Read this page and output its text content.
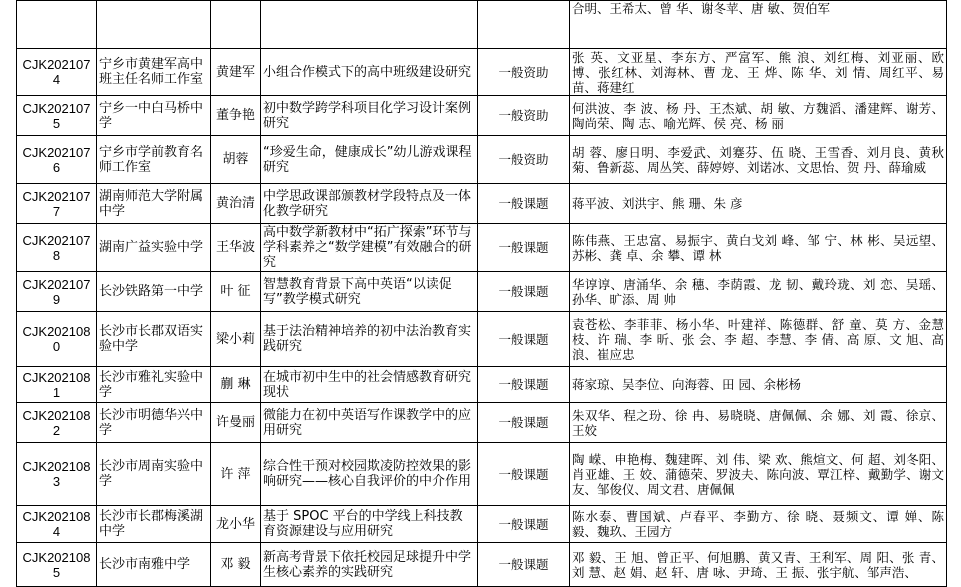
					合明、王希太、曾 华、谢冬苹、唐 敏、贺伯军
CJK2021074	宁乡市黄建军高中班主任名师工作室	黄建军	小组合作模式下的高中班级建设研究	一般资助	张 英、文亚星、李东方、严富军、熊 浪、刘红梅、刘亚丽、欧 博、张红林、刘海林、曹 龙、王 烨、陈 华、刘 情、周红平、易 苗、蒋建红
CJK2021075	宁乡一中白马桥中学	董争艳	初中数学跨学科项目化学习设计案例研究	一般资助	何洪波、李 波、杨 丹、王杰斌、胡 敏、方魏滔、潘建辉、谢芳、陶尚荣、陶 志、喻光辉、侯 亮、杨 丽
CJK2021076	宁乡市学前教育名师工作室	胡蓉	“珍爱生命，健康成长”幼儿游戏课程研究	一般资助	胡 蓉、廖日明、李爱武、刘蹇芬、伍 晓、王雪香、刘月良、黄秋菊、鲁新蕊、周丛笑、薛婷婷、刘诺冰、文思怡、贺 丹、薛瑜威
CJK2021077	湖南师范大学附属中学	黄治清	中学思政课部颁教材学段特点及一体化教学研究	一般课题	蒋平波、刘洪宇、熊 珊、朱 彦
CJK2021078	湖南广益实验中学	王华波	高中数学新教材中“拓广探索”环节与学科素养之“数学建模”有效融合的研究	一般课题	陈伟燕、王忠富、易振宇、黄白戈刘 峰、邹 宁、林 彬、吴远望、苏彬、龚 卓、余 攀、谭 林
CJK2021079	长沙铁路第一中学	叶 征	智慧教育背景下高中英语“以读促写”教学模式研究	一般课题	华谆谆、唐涌华、余 穗、李荫霞、龙 韧、戴玲珑、刘 恋、吴瑶、孙华、旷添、周 帅
CJK2021080	长沙市长郡双语实验中学	梁小莉	基于法治精神培养的初中法治教育实践研究	一般课题	袁苍松、李菲菲、杨小华、叶建祥、陈德群、舒 童、莫 方、金慧枝、许 瑞、李 昕、张 会、李 超、李慧、李 倩、高 原、文 旭、高 浪、崔应忠
CJK2021081	长沙市雅礼实验中学	蒯 琳	在城市初中生中的社会情感教育研究现状	一般课题	蒋家琼、吴李位、向海蓉、田 园、余彬杨
CJK2021082	长沙市明德华兴中学	许曼丽	微能力在初中英语写作课教学中的应用研究	一般课题	朱双华、程之玢、徐 冉、易晓晓、唐佩佩、余 娜、刘 霞、徐京、王姣
CJK2021083	长沙市周南实验中学	许 萍	综合性干预对校园欺凌防控效果的影响研究——核心自我评价的中介作用	一般课题	陶 嵘、申艳梅、魏建晖、刘 伟、梁 欢、熊煊文、何 超、刘冬阳、肖亚雄、王 姣、蒲德荣、罗波夫、陈向波、覃江梓、戴勤学、谢文友、邹俊仪、周文君、唐佩佩
CJK2021084	长沙市长郡梅溪湖中学	龙小华	基于 SPOC 平台的中学线上科技教育资源建设与应用研究	一般课题	陈水泰、曹国斌、卢春平、李勤方、徐 晓、聂频文、谭 婵、陈 毅、魏玖、王园方
CJK2021085	长沙市南雅中学	邓 毅	新高考背景下依托校园足球提升中学生核心素养的实践研究	一般课题	邓 毅、王 旭、曾正平、何旭鹏、黄又青、王利军、周 阳、张 青、刘 慧、赵 娟、赵 轩、唐 咏、尹琦、王 振、张宇航、邹声浩、
